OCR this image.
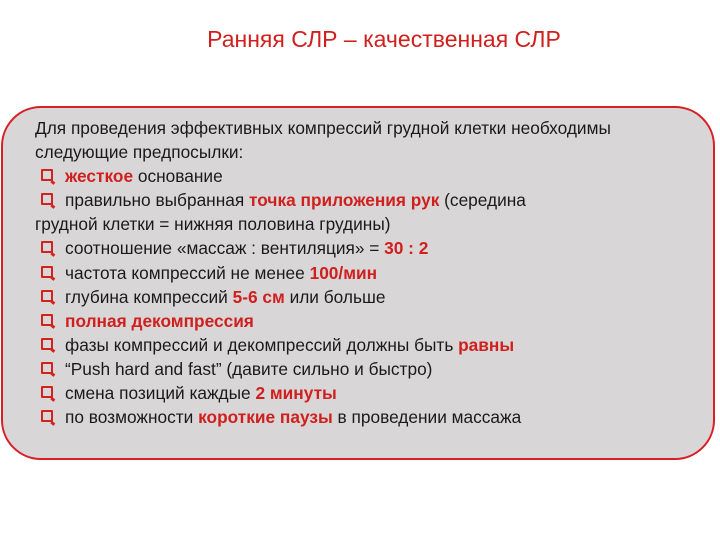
Ранняя СЛР – качественная СЛР

Для проведения эффективных компрессий грудной клетки необходимы следующие предпосылки:

жесткое основание
правильно выбранная точка приложения рук (середина
грудной клетки = нижняя половина грудины)
соотношение «массаж : вентиляция» = 30 : 2
частота компрессий не менее 100/мин
глубина компрессий 5-6 см или больше
полная декомпрессия
фазы компрессий и декомпрессий должны быть равны
“Push hard and fast” (давите сильно и быстро)
смена позиций каждые 2 минуты
по возможности короткие паузы в проведении массажа
